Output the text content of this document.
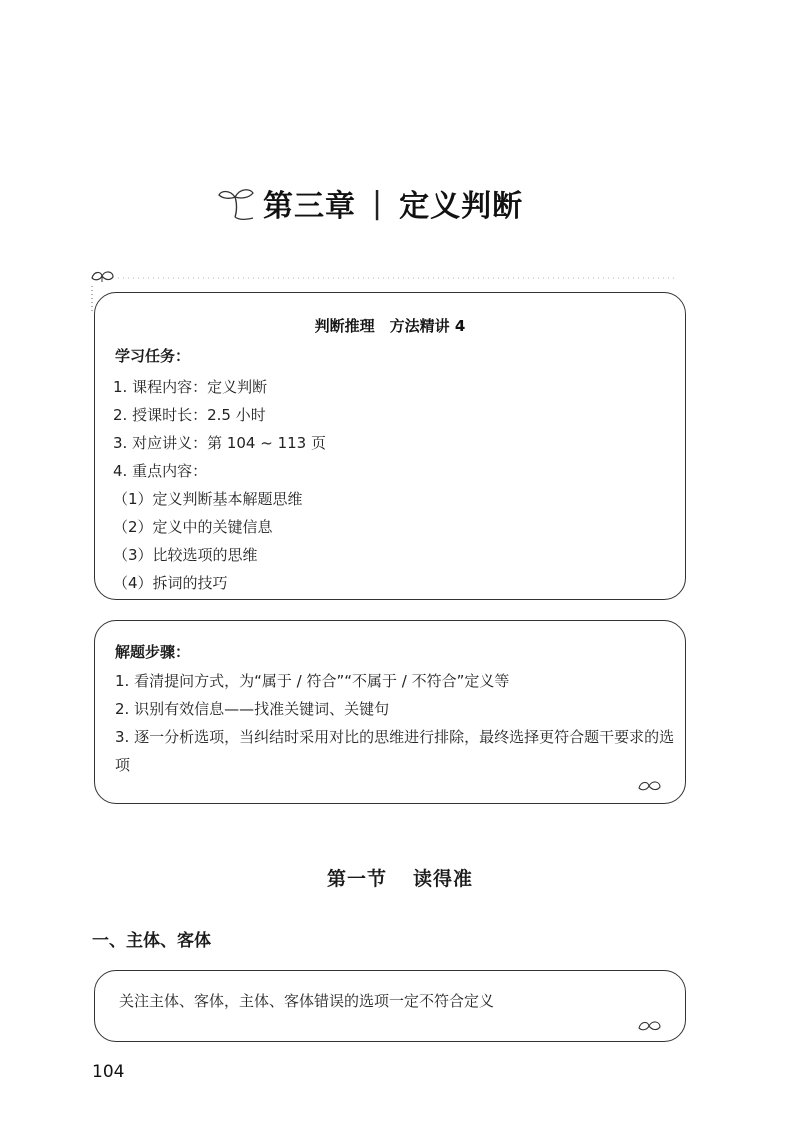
第三章 | 定义判断
判断推理　方法精讲 4
学习任务：
1. 课程内容：定义判断
2. 授课时长：2.5 小时
3. 对应讲义：第 104 ~ 113 页
4. 重点内容：
（1）定义判断基本解题思维
（2）定义中的关键信息
（3）比较选项的思维
（4）拆词的技巧
解题步骤：
1. 看清提问方式，为“属于 / 符合”“不属于 / 不符合”定义等
2. 识别有效信息——找准关键词、关键句
3. 逐一分析选项，当纠结时采用对比的思维进行排除，最终选择更符合题干要求的选项
第一节 读得准
一、主体、客体
关注主体、客体，主体、客体错误的选项一定不符合定义
104
